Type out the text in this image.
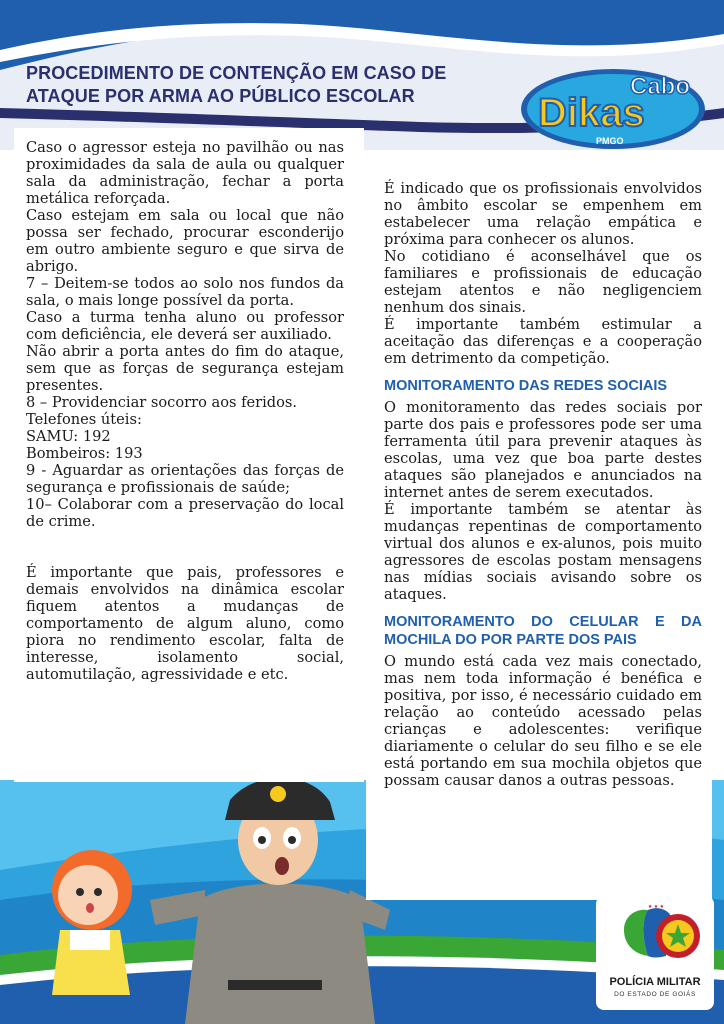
PROCEDIMENTO DE CONTENÇÃO EM CASO DE ATAQUE POR ARMA AO PÚBLICO ESCOLAR	Cabo
Dikas
PMGO

Caso o agressor esteja no pavilhão ou nas proximidades da sala de aula ou qualquer sala da administração, fechar a porta metálica reforçada.

Caso estejam em sala ou local que não possa ser fechado, procurar esconderijo em outro ambiente seguro e que sirva de abrigo.

7 – Deitem-se todos ao solo nos fundos da sala, o mais longe possível da porta.

Caso a turma tenha aluno ou professor com deficiência, ele deverá ser auxiliado.

Não abrir a porta antes do fim do ataque, sem que as forças de segurança estejam presentes.

8 – Providenciar socorro aos feridos.

Telefones úteis:

SAMU: 192

Bombeiros: 193

9 - Aguardar as orientações das forças de segurança e profissionais de saúde;

10– Colaborar com a preservação do local de crime.

É importante que pais, professores e demais envolvidos na dinâmica escolar fiquem atentos a mudanças de comportamento de algum aluno, como piora no rendimento escolar, falta de interesse, isolamento social, automutilação, agressividade e etc.

É indicado que os profissionais envolvidos no âmbito escolar se empenhem em estabelecer uma relação empática e próxima para conhecer os alunos.

No cotidiano é aconselhável que os familiares e profissionais de educação estejam atentos e não negligenciem nenhum dos sinais.

É importante também estimular a aceitação das diferenças e a cooperação em detrimento da competição.

MONITORAMENTO DAS REDES SOCIAIS

O monitoramento das redes sociais por parte dos pais e professores pode ser uma ferramenta útil para prevenir ataques às escolas, uma vez que boa parte destes ataques são planejados e anunciados na internet antes de serem executados.

É importante também se atentar às mudanças repentinas de comportamento virtual dos alunos e ex-alunos, pois muito agressores de escolas postam mensagens nas mídias sociais avisando sobre os ataques.

MONITORAMENTO DO CELULAR E DA MOCHILA DO POR PARTE DOS PAIS

O mundo está cada vez mais conectado, mas nem toda informação é benéfica e positiva, por isso, é necessário cuidado em relação ao conteúdo acessado pelas crianças e adolescentes: verifique diariamente o celular do seu filho e se ele está portando em sua mochila objetos que possam causar danos a outras pessoas.

★ ★ ★
POLÍCIA MILITAR
DO ESTADO DE GOIÁS
